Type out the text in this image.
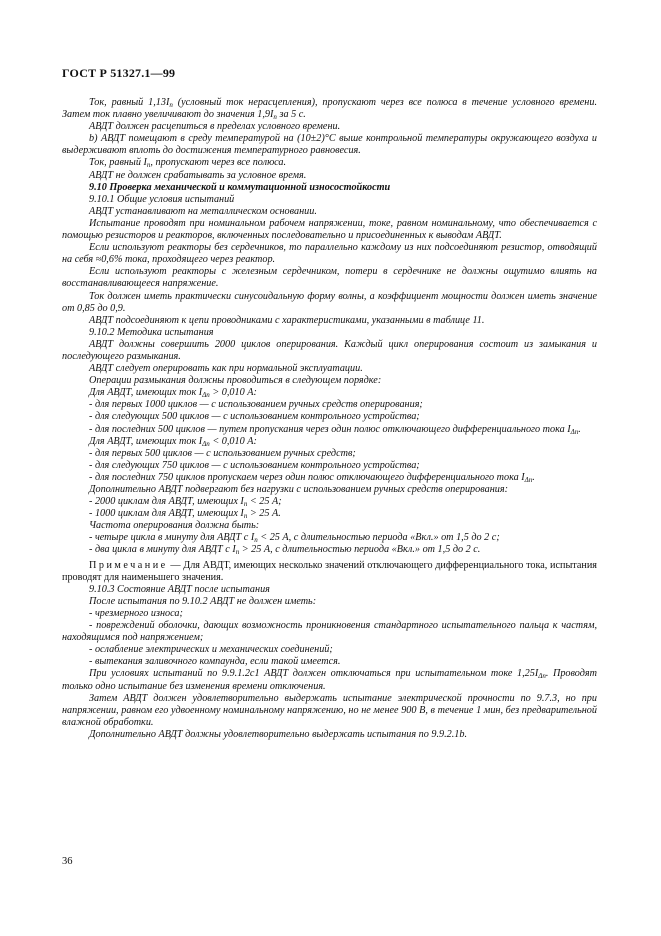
ГОСТ Р 51327.1—99

Ток, равный $1,13I_n$ (условный ток нерасцепления), пропускают через все полюса в течение условного времени. Затем ток плавно увеличивают до значения $1,9I_n$ за 5 с.

АВДТ должен расцепиться в пределах условного времени.

b) АВДТ помещают в среду температурой на (10±2)°С выше контрольной температуры окружающего воздуха и выдерживают вплоть до достижения температурного равновесия.

Ток, равный $I_n$, пропускают через все полюса.

АВДТ не должен срабатывать за условное время.

9.10 Проверка механической и коммутационной износостойкости

9.10.1 Общие условия испытаний

АВДТ устанавливают на металлическом основании.

Испытание проводят при номинальном рабочем напряжении, токе, равном номинальному, что обеспечивается с помощью резисторов и реакторов, включенных последовательно и присоединенных к выводам АВДТ.

Если используют реакторы без сердечников, то параллельно каждому из них подсоединяют резистор, отводящий на себя ≈0,6% тока, проходящего через реактор.

Если используют реакторы с железным сердечником, потери в сердечнике не должны ощутимо влиять на восстанавливающееся напряжение.

Ток должен иметь практически синусоидальную форму волны, а коэффициент мощности должен иметь значение от 0,85 до 0,9.

АВДТ подсоединяют к цепи проводниками с характеристиками, указанными в таблице 11.

9.10.2 Методика испытания

АВДТ должны совершить 2000 циклов оперирования. Каждый цикл оперирования состоит из замыкания и последующего размыкания.

АВДТ следует оперировать как при нормальной эксплуатации.

Операции размыкания должны проводиться в следующем порядке:

Для АВДТ, имеющих ток $I_{\Delta n} > 0,010$ А:

- для первых 1000 циклов — с использованием ручных средств оперирования;

- для следующих 500 циклов — с использованием контрольного устройства;

- для последних 500 циклов — путем пропускания через один полюс отключающего дифференциального тока $I_{\Delta n}$.

Для АВДТ, имеющих ток $I_{\Delta n} < 0,010$ А:

- для первых 500 циклов — с использованием ручных средств;

- для следующих 750 циклов — с использованием контрольного устройства;

- для последних 750 циклов пропускаем через один полюс отключающего дифференциального тока $I_{\Delta n}$.

Дополнительно АВДТ подвергают без нагрузки с использованием ручных средств оперирования:

- 2000 циклам для АВДТ, имеющих $I_n < 25$ А;

- 1000 циклам для АВДТ, имеющих $I_n > 25$ А.

Частота оперирования должна быть:

- четыре цикла в минуту для АВДТ с $I_n < 25$ А, с длительностью периода «Вкл.» от 1,5 до 2 с;

- два цикла в минуту для АВДТ с $I_n > 25$ А, с длительностью периода «Вкл.» от 1,5 до 2 с.

Примечание — Для АВДТ, имеющих несколько значений отключающего дифференциального тока, испытания проводят для наименьшего значения.

9.10.3 Состояние АВДТ после испытания

После испытания по 9.10.2 АВДТ не должен иметь:

- чрезмерного износа;

- повреждений оболочки, дающих возможность проникновения стандартного испытательного пальца к частям, находящимся под напряжением;

- ослабление электрических и механических соединений;

- вытекания заливочного компаунда, если такой имеется.

При условиях испытаний по 9.9.1.2с1 АВДТ должен отключаться при испытательном токе $1,25I_{\Delta n}$. Проводят только одно испытание без изменения времени отключения.

Затем АВДТ должен удовлетворительно выдержать испытание электрической прочности по 9.7.3, но при напряжении, равном его удвоенному номинальному напряжению, но не менее 900 В, в течение 1 мин, без предварительной влажной обработки.

Дополнительно АВДТ должны удовлетворительно выдержать испытания по 9.9.2.1b.

36
